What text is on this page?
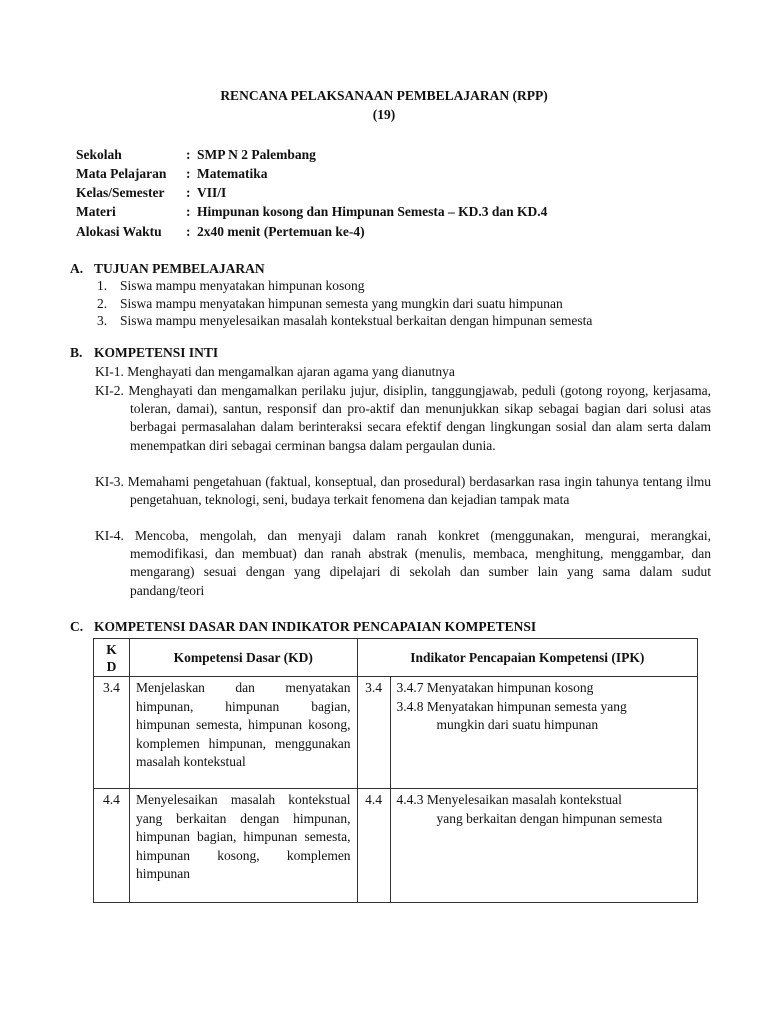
RENCANA PELAKSANAAN PEMBELAJARAN (RPP)
(19)
Sekolah	: SMP N 2 Palembang
Mata Pelajaran : Matematika
Kelas/Semester : VII/I
Materi	: Himpunan kosong dan Himpunan Semesta – KD.3 dan KD.4
Alokasi Waktu : 2x40 menit (Pertemuan ke-4)
A. TUJUAN PEMBELAJARAN
1. Siswa mampu menyatakan himpunan kosong
2. Siswa mampu menyatakan himpunan semesta yang mungkin dari suatu himpunan
3. Siswa mampu menyelesaikan masalah kontekstual berkaitan dengan himpunan semesta
B. KOMPETENSI INTI
KI-1. Menghayati dan mengamalkan ajaran agama yang dianutnya
KI-2. Menghayati dan mengamalkan perilaku jujur, disiplin, tanggungjawab, peduli (gotong royong, kerjasama, toleran, damai), santun, responsif dan pro-aktif dan menunjukkan sikap sebagai bagian dari solusi atas berbagai permasalahan dalam berinteraksi secara efektif dengan lingkungan sosial dan alam serta dalam menempatkan diri sebagai cerminan bangsa dalam pergaulan dunia.
KI-3. Memahami pengetahuan (faktual, konseptual, dan prosedural) berdasarkan rasa ingin tahunya tentang ilmu pengetahuan, teknologi, seni, budaya terkait fenomena dan kejadian tampak mata
KI-4. Mencoba, mengolah, dan menyaji dalam ranah konkret (menggunakan, mengurai, merangkai, memodifikasi, dan membuat) dan ranah abstrak (menulis, membaca, menghitung, menggambar, dan mengarang) sesuai dengan yang dipelajari di sekolah dan sumber lain yang sama dalam sudut pandang/teori
C. KOMPETENSI DASAR DAN INDIKATOR PENCAPAIAN KOMPETENSI
K D	Kompetensi Dasar (KD)	Indikator Pencapaian Kompetensi (IPK)	
3.4	Menjelaskan dan menyatakan himpunan, himpunan bagian, himpunan semesta, himpunan kosong, komplemen himpunan, menggunakan masalah kontekstual	3.4	3.4.7 Menyatakan himpunan kosong
3.4.8 Menyatakan himpunan semesta yang
mungkin dari suatu himpunan

4.4	Menyelesaikan masalah kontekstual yang berkaitan dengan himpunan, himpunan bagian, himpunan semesta, himpunan kosong, komplemen himpunan	4.4	4.4.3 Menyelesaikan masalah kontekstual
yang berkaitan dengan himpunan semesta
